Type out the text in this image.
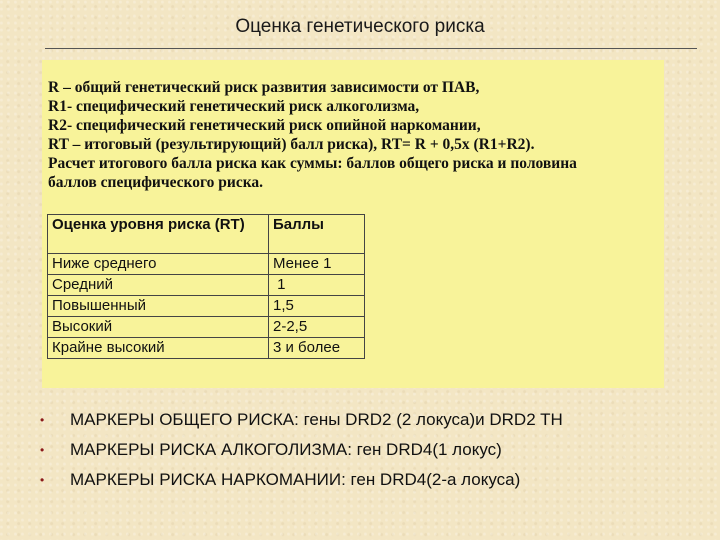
Оценка генетического риска
R – общий генетический риск развития зависимости от ПАВ,
R1- специфический генетический риск алкоголизма,
R2- специфический генетический риск опийной наркомании,
RT – итоговый (результирующий) балл риска), RT= R + 0,5x (R1+R2).
Расчет итогового балла риска как суммы: баллов общего риска и половина
баллов специфического риска.
Оценка уровня риска (RT)	Баллы
Ниже среднего	Менее 1
Средний	1
Повышенный	1,5
Высокий	2-2,5
Крайне высокий	3 и более
• МАРКЕРЫ ОБЩЕГО РИСКА: гены DRD2 (2 локуса)и DRD2 TH
• МАРКЕРЫ РИСКА АЛКОГОЛИЗМА: ген DRD4(1 локус)
• МАРКЕРЫ РИСКА НАРКОМАНИИ: ген DRD4(2-а локуса)
